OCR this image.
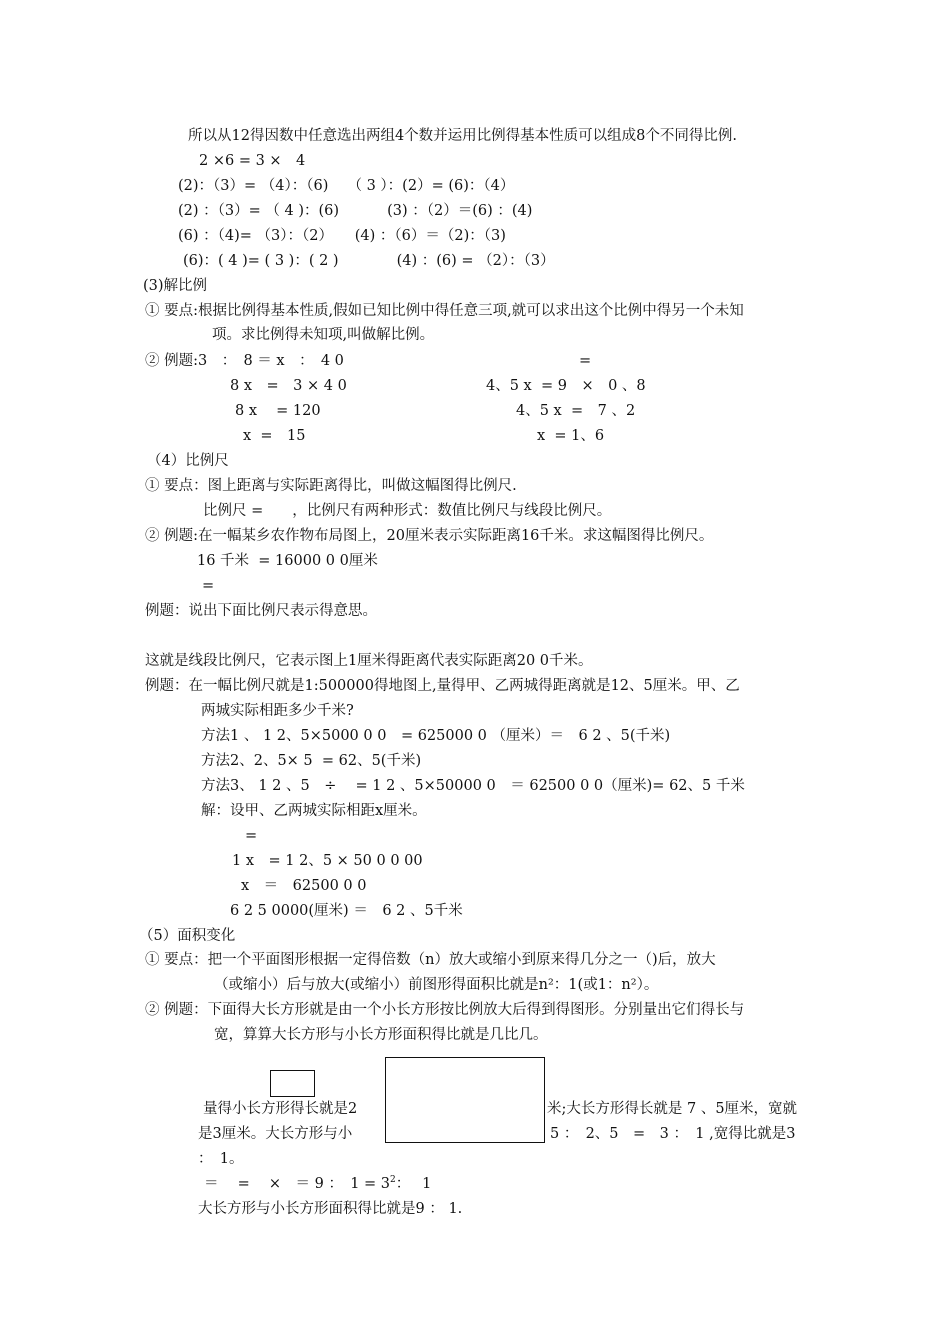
所以从12得因数中任意选出两组4个数并运用比例得基本性质可以组成8个不同得比例.
2 ×6 = 3 ×　4
(2)：（3）= （4）：（6)　 （ 3 ）：(2）= (6)：（4）
(2) ：（3）= （ 4 )：(6)　　　 (3) ：（2）＝(6) ：(4)
(6) ：（4)= （3）：（2）　　(4) ：（6）＝（2)：（3)
(6)：( 4 )= ( 3 )：( 2 )　　　　(4) ：(6) = （2）：（3）
(3)解比例
① 要点:根据比例得基本性质,假如已知比例中得任意三项,就可以求出这个比例中得另一个未知
项。求比例得未知项,叫做解比例。
② 例题:3　：　8 ＝ x　：　4 0	=
8 x　=　3 × 4 0	4、5 x  = 9　×　0 、8
8 x　 = 120	4、5 x  =　7 、2
x  =　15	x  = 1、6
（4）比例尺
① 要点：图上距离与实际距离得比，叫做这幅图得比例尺.
比例尺 =　　，比例尺有两种形式：数值比例尺与线段比例尺。
② 例题:在一幅某乡农作物布局图上，20厘米表示实际距离16千米。求这幅图得比例尺。
16 千米  = 16000 0 0厘米
=
例题：说出下面比例尺表示得意思。
这就是线段比例尺，它表示图上1厘米得距离代表实际距离20 0千米。
例题：在一幅比例尺就是1:500000得地图上,量得甲、乙两城得距离就是12、5厘米。甲、乙
两城实际相距多少千米?
方法1 、 1 2、5×5000 0 0　= 625000 0 （厘米）＝　6 2 、5(千米)
方法2、2、5× 5  = 62、5(千米)
方法3、 1 2 、5　÷　 = 1 2 、5×50000 0　＝ 62500 0 0（厘米)= 62、5 千米
解：设甲、乙两城实际相距x厘米。
=
1 x　= 1 2、5 × 50 0 0 00
x　＝　62500 0 0
6 2 5 0000(厘米) ＝　6 2 、5千米
（5）面积变化
① 要点：把一个平面图形根据一定得倍数（n）放大或缩小到原来得几分之一（)后，放大
（或缩小）后与放大(或缩小）前图形得面积比就是n²：1(或1：n²）。
② 例题：下面得大长方形就是由一个小长方形按比例放大后得到得图形。分别量出它们得长与
宽，算算大长方形与小长方形面积得比就是几比几。
量得小长方形得长就是2	米;大长方形得长就是 7 、5厘米，宽就
是3厘米。大长方形与小	5 ：　2、5　=　3 ：　1 ,宽得比就是3
：　1。
＝　 =　 ×　＝ 9 ：　$1 = 3^2$：　 1
大长方形与小长方形面积得比就是9 ： 1.
